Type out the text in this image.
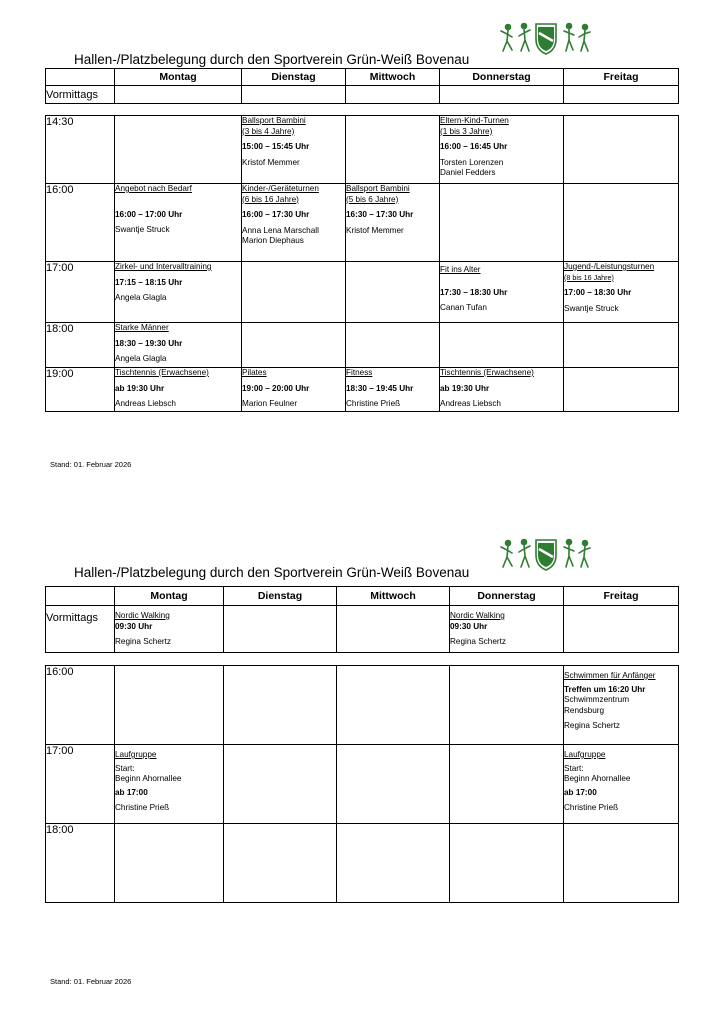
Hallen-/Platzbelegung durch den Sportverein Grün-Weiß Bovenau
	Montag	Dienstag	Mittwoch	Donnerstag	Freitag
Vormittags					
14:30		Ballsport Bambini
(3 bis 4 Jahre)
15:00 – 15:45 Uhr
Kristof Memmer		Eltern-Kind-Turnen
(1 bis 3 Jahre)
16:00 – 16:45 Uhr
Torsten Lorenzen
Daniel Fedders	

16:00	Angebot nach Bedarf
16:00 – 17:00 Uhr
Swantje Struck	Kinder-/Geräteturnen
(6 bis 16 Jahre)
16:00 – 17:30 Uhr
Anna Lena Marschall
Marion Diephaus	Ballsport Bambini
(5 bis 6 Jahre)
16:30 – 17:30 Uhr
Kristof Memmer		

17:00	Zirkel- und Intervalltraining
17:15 – 18:15 Uhr
Angela Glagla			Fit ins Alter
17:30 – 18:30 Uhr
Canan Tufan	Jugend-/Leistungsturnen
(8 bis 16 Jahre)
17:00 – 18:30 Uhr
Swantje Struck

18:00	Starke Männer
18:30 – 19:30 Uhr
Angela Glagla				

19:00	Tischtennis (Erwachsene)
ab 19:30 Uhr
Andreas Liebsch	Pilates
19:00 – 20:00 Uhr
Marion Feulner	Fitness
18:30 – 19:45 Uhr
Christine Prieß	Tischtennis (Erwachsene)
ab 19:30 Uhr
Andreas Liebsch	

Stand: 01. Februar 2026
Hallen-/Platzbelegung durch den Sportverein Grün-Weiß Bovenau
	Montag	Dienstag	Mittwoch	Donnerstag	Freitag
Vormittags	Nordic Walking
09:30 Uhr
Regina Schertz			Nordic Walking
09:30 Uhr
Regina Schertz	

16:00					Schwimmen für Anfänger
Treffen um 16:20 Uhr
Schwimmzentrum
Rendsburg
Regina Schertz

17:00	Laufgruppe
Start:
Beginn Ahornallee
ab 17:00
Christine Prieß				Laufgruppe
Start:
Beginn Ahornallee
ab 17:00
Christine Prieß

18:00					
Stand: 01. Februar 2026
